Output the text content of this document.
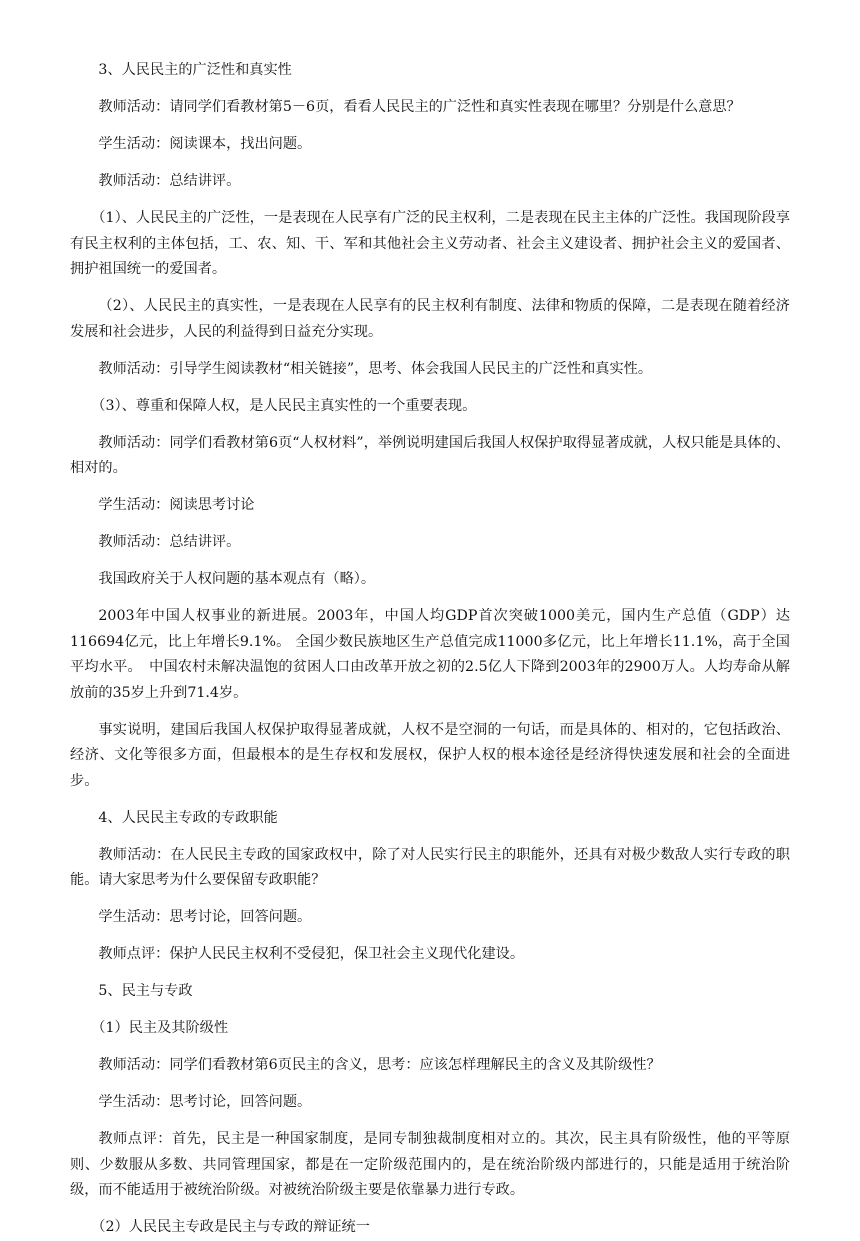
3、人民民主的广泛性和真实性

教师活动：请同学们看教材第5－6页，看看人民民主的广泛性和真实性表现在哪里？分别是什么意思？

学生活动：阅读课本，找出问题。

教师活动：总结讲评。

（1）、人民民主的广泛性，一是表现在人民享有广泛的民主权利，二是表现在民主主体的广泛性。我国现阶段享有民主权利的主体包括，工、农、知、干、军和其他社会主义劳动者、社会主义建设者、拥护社会主义的爱国者、拥护祖国统一的爱国者。

（2）、人民民主的真实性，一是表现在人民享有的民主权利有制度、法律和物质的保障，二是表现在随着经济发展和社会进步，人民的利益得到日益充分实现。

教师活动：引导学生阅读教材“相关链接”，思考、体会我国人民民主的广泛性和真实性。

（3）、尊重和保障人权，是人民民主真实性的一个重要表现。

教师活动：同学们看教材第6页“人权材料”，举例说明建国后我国人权保护取得显著成就，人权只能是具体的、相对的。

学生活动：阅读思考讨论

教师活动：总结讲评。

我国政府关于人权问题的基本观点有（略）。

2003年中国人权事业的新进展。2003年，中国人均GDP首次突破1000美元，国内生产总值（GDP）达116694亿元，比上年增长9.1%。 全国少数民族地区生产总值完成11000多亿元，比上年增长11.1%，高于全国平均水平。　中国农村未解决温饱的贫困人口由改革开放之初的2.5亿人下降到2003年的2900万人。人均寿命从解放前的35岁上升到71.4岁。

事实说明，建国后我国人权保护取得显著成就，人权不是空洞的一句话，而是具体的、相对的，它包括政治、经济、文化等很多方面，但最根本的是生存权和发展权，保护人权的根本途径是经济得快速发展和社会的全面进步。

4、人民民主专政的专政职能

教师活动：在人民民主专政的国家政权中，除了对人民实行民主的职能外，还具有对极少数敌人实行专政的职能。请大家思考为什么要保留专政职能？

学生活动：思考讨论，回答问题。

教师点评：保护人民民主权利不受侵犯，保卫社会主义现代化建设。

5、民主与专政

（1）民主及其阶级性

教师活动：同学们看教材第6页民主的含义，思考：应该怎样理解民主的含义及其阶级性？

学生活动：思考讨论，回答问题。

教师点评：首先，民主是一种国家制度，是同专制独裁制度相对立的。其次，民主具有阶级性，他的平等原则、少数服从多数、共同管理国家，都是在一定阶级范围内的，是在统治阶级内部进行的，只能是适用于统治阶级，而不能适用于被统治阶级。对被统治阶级主要是依靠暴力进行专政。

（2）人民民主专政是民主与专政的辩证统一
